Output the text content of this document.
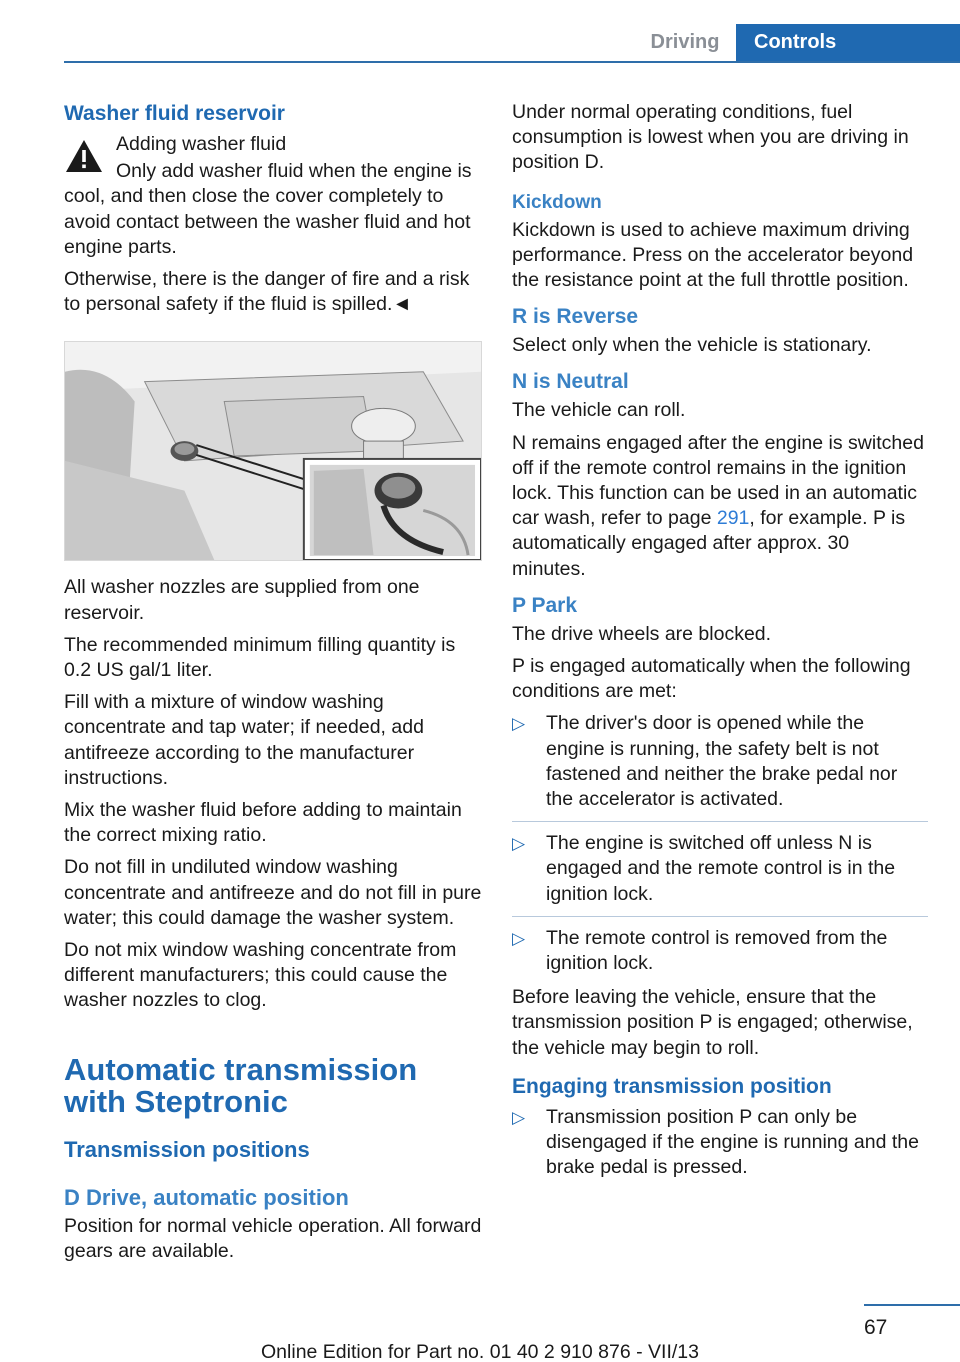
Driving	Controls
Washer fluid reservoir

Adding washer fluid

Only add washer fluid when the engine is cool, and then close the cover completely to avoid contact between the washer fluid and hot engine parts.

Otherwise, there is the danger of fire and a risk to personal safety if the fluid is spilled.◄

All washer nozzles are supplied from one reservoir.

The recommended minimum filling quantity is 0.2 US gal/1 liter.

Fill with a mixture of window washing concentrate and tap water; if needed, add antifreeze according to the manufacturer instructions.

Mix the washer fluid before adding to maintain the correct mixing ratio.

Do not fill in undiluted window washing concentrate and antifreeze and do not fill in pure water; this could damage the washer system.

Do not mix window washing concentrate from different manufacturers; this could cause the washer nozzles to clog.

Automatic transmission with Steptronic
Transmission positions
D Drive, automatic position

Position for normal vehicle operation. All forward gears are available.

Under normal operating conditions, fuel consumption is lowest when you are driving in position D.

Kickdown

Kickdown is used to achieve maximum driving performance. Press on the accelerator beyond the resistance point at the full throttle position.

R is Reverse

Select only when the vehicle is stationary.

N is Neutral

The vehicle can roll.

N remains engaged after the engine is switched off if the remote control remains in the ignition lock. This function can be used in an automatic car wash, refer to page 291, for example. P is automatically engaged after approx. 30 minutes.

P Park

The drive wheels are blocked.

P is engaged automatically when the following conditions are met:

▷ The driver's door is opened while the engine is running, the safety belt is not fastened and neither the brake pedal nor the accelerator is activated.
▷ The engine is switched off unless N is engaged and the remote control is in the ignition lock.
▷ The remote control is removed from the ignition lock.

Before leaving the vehicle, ensure that the transmission position P is engaged; otherwise, the vehicle may begin to roll.

Engaging transmission position
▷ Transmission position P can only be disengaged if the engine is running and the brake pedal is pressed.
67
Online Edition for Part no. 01 40 2 910 876 - VII/13
